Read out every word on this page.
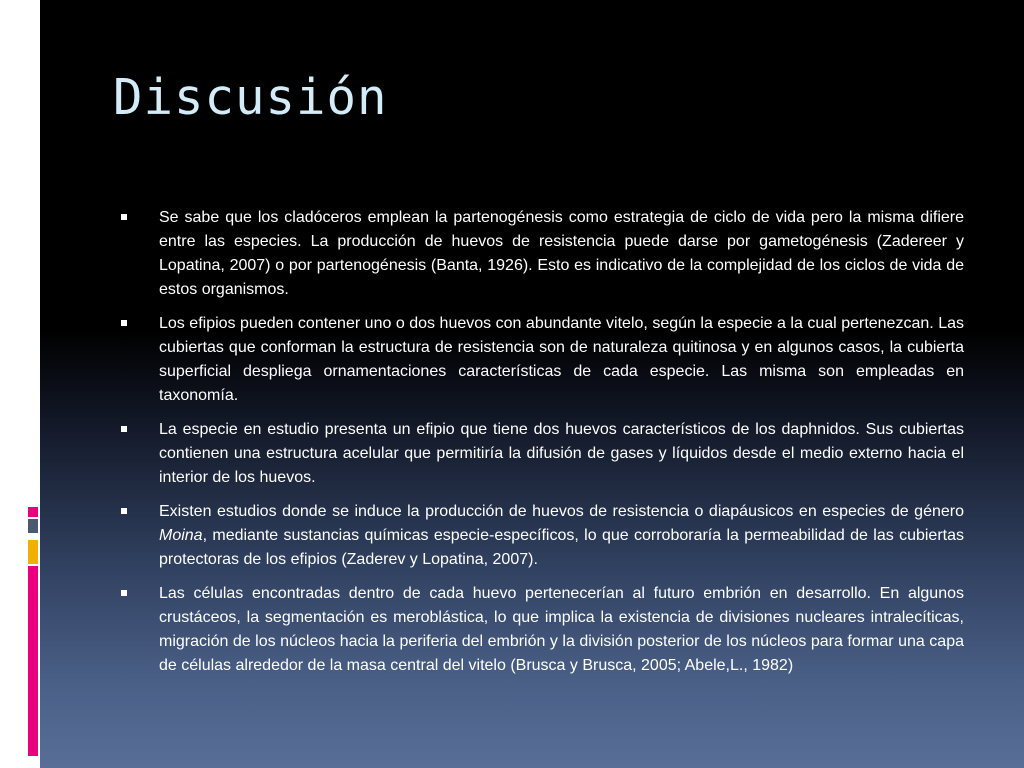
Discusión
Se sabe que los cladóceros emplean la partenogénesis como estrategia de ciclo de vida pero la misma difiere entre las especies. La producción de huevos de resistencia puede darse por gametogénesis (Zadereer y Lopatina, 2007) o por partenogénesis (Banta, 1926). Esto es indicativo de la complejidad de los ciclos de vida de estos organismos.
Los efipios pueden contener uno o dos huevos con abundante vitelo, según la especie a la cual pertenezcan. Las cubiertas que conforman la estructura de resistencia son de naturaleza quitinosa y en algunos casos, la cubierta superficial despliega ornamentaciones características de cada especie. Las misma son empleadas en taxonomía.
La especie en estudio presenta un efipio que tiene dos huevos característicos de los daphnidos. Sus cubiertas contienen una estructura acelular que permitiría la difusión de gases y líquidos desde el medio externo hacia el interior de los huevos.
Existen estudios donde se induce la producción de huevos de resistencia o diapáusicos en especies de género Moina, mediante sustancias químicas especie-específicos, lo que corroboraría la permeabilidad de las cubiertas protectoras de los efipios (Zaderev y Lopatina, 2007).
Las células encontradas dentro de cada huevo pertenecerían al futuro embrión en desarrollo. En algunos crustáceos, la segmentación es meroblástica, lo que implica la existencia de divisiones nucleares intralecíticas, migración de los núcleos hacia la periferia del embrión y la división posterior de los núcleos para formar una capa de células alrededor de la masa central del vitelo (Brusca y Brusca, 2005; Abele,L., 1982)
